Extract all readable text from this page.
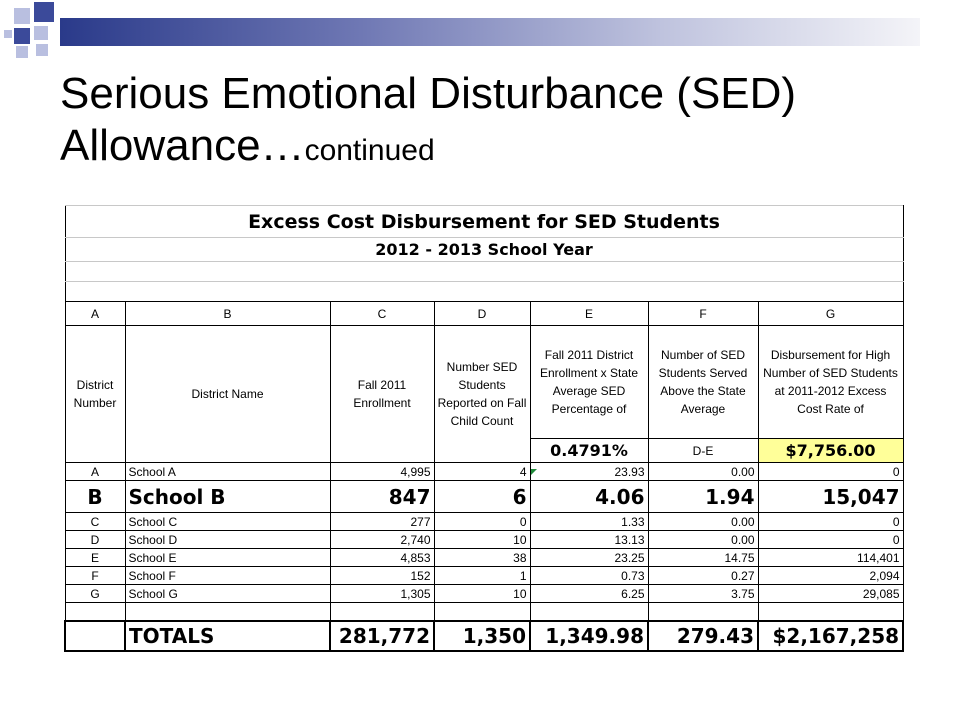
Serious Emotional Disturbance (SED)
Allowance…continued
Excess Cost Disbursement for SED Students						
2012 - 2013 School Year						

A	B	C	D	E	F	G
District Number	District Name	Fall 2011 Enrollment	Number SED Students Reported on Fall Child Count	Fall 2011 District Enrollment x State Average SED Percentage of	Number of SED Students Served Above the State Average	Disbursement for High Number of SED Students at 2011-2012 Excess Cost Rate of
				0.4791%	D-E	$7,756.00
A	School A	4,995	4	23.93	0.00	0
B	School B	847	6	4.06	1.94	15,047
C	School C	277	0	1.33	0.00	0
D	School D	2,740	10	13.13	0.00	0
E	School E	4,853	38	23.25	14.75	114,401
F	School F	152	1	0.73	0.27	2,094
G	School G	1,305	10	6.25	3.75	29,085

	TOTALS	281,772	1,350	1,349.98	279.43	$2,167,258
